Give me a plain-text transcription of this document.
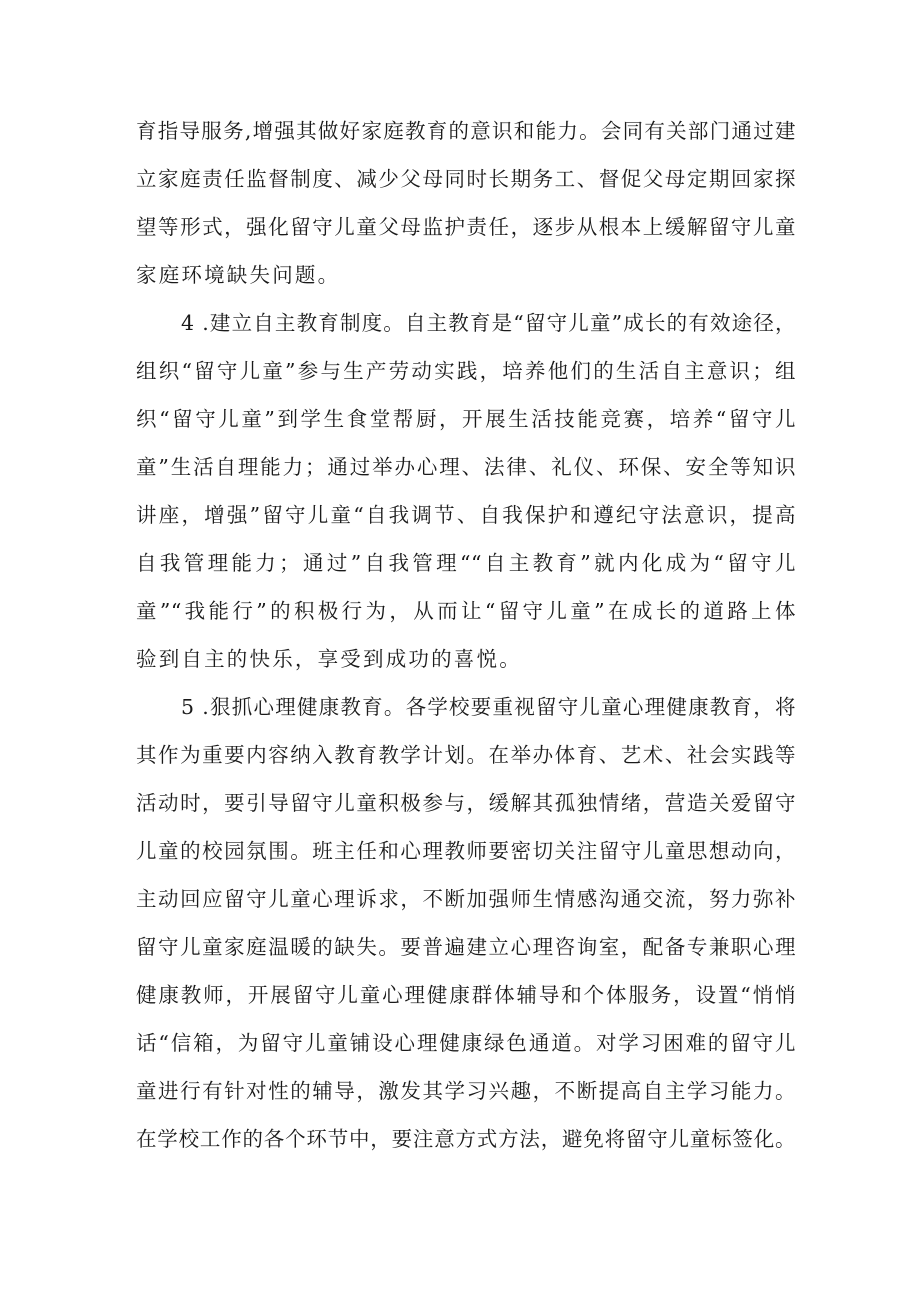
育指导服务,增强其做好家庭教育的意识和能力。会同有关部门通过建
立家庭责任监督制度、减少父母同时长期务工、督促父母定期回家探
望等形式，强化留守儿童父母监护责任，逐步从根本上缓解留守儿童
家庭环境缺失问题。
4 .建立自主教育制度。自主教育是“留守儿童”成长的有效途径，
组织“留守儿童”参与生产劳动实践，培养他们的生活自主意识；组
织“留守儿童”到学生食堂帮厨，开展生活技能竞赛，培养“留守儿
童”生活自理能力；通过举办心理、法律、礼仪、环保、安全等知识
讲座，增强”留守儿童“自我调节、自我保护和遵纪守法意识，提高
自我管理能力；通过”自我管理““自主教育”就内化成为“留守儿
童”“我能行”的积极行为，从而让“留守儿童”在成长的道路上体
验到自主的快乐，享受到成功的喜悦。
5 .狠抓心理健康教育。各学校要重视留守儿童心理健康教育，将
其作为重要内容纳入教育教学计划。在举办体育、艺术、社会实践等
活动时，要引导留守儿童积极参与，缓解其孤独情绪，营造关爱留守
儿童的校园氛围。班主任和心理教师要密切关注留守儿童思想动向，
主动回应留守儿童心理诉求，不断加强师生情感沟通交流，努力弥补
留守儿童家庭温暖的缺失。要普遍建立心理咨询室，配备专兼职心理
健康教师，开展留守儿童心理健康群体辅导和个体服务，设置“悄悄
话“信箱，为留守儿童铺设心理健康绿色通道。对学习困难的留守儿
童进行有针对性的辅导，激发其学习兴趣，不断提高自主学习能力。
在学校工作的各个环节中，要注意方式方法，避免将留守儿童标签化。
